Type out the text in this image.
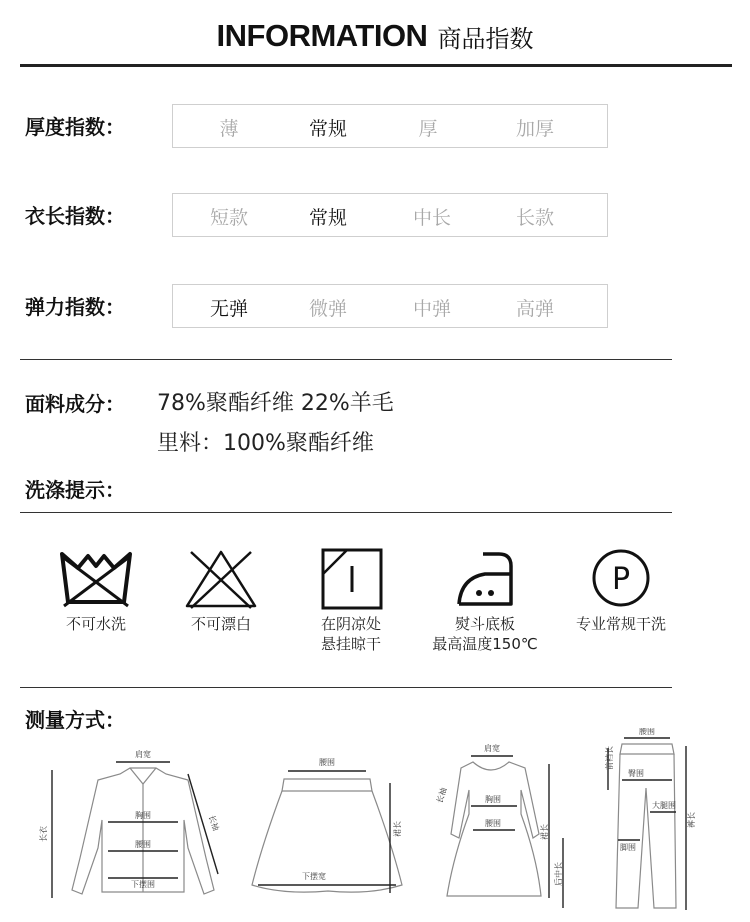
INFORMATION 商品指数
厚度指数：	薄	常规	厚	加厚
衣长指数：	短款	常规	中长	长款
弹力指数：	无弹	微弹	中弹	高弹
面料成分： 78%聚酯纤维 22%羊毛
里料：100%聚酯纤维
洗涤提示：
不可水洗	不可漂白	在阴凉处
悬挂晾干
熨斗底板
最高温度150℃
P
专业常规干洗
测量方式：
肩宽
胸围
腰围
下摆围
长衣
长袖
腰围
下摆宽
裙长
肩宽
长袖	胸围
腰围
裙长
后中长
腰围
前裆长
臀围
大腿围
脚围
裤长
